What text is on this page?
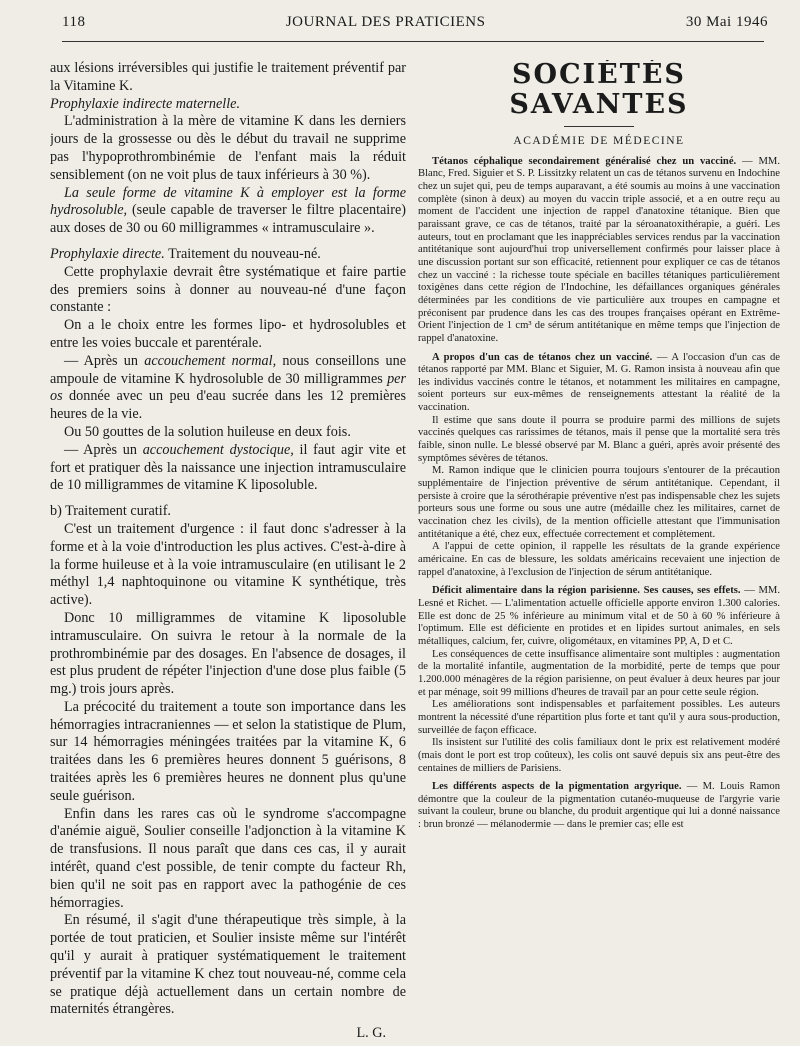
118	JOURNAL DES PRATICIENS	30 Mai 1946

aux lésions irréversibles qui justifie le traitement préventif par la Vitamine K.

Prophylaxie indirecte maternelle.

L'administration à la mère de vitamine K dans les derniers jours de la grossesse ou dès le début du travail ne supprime pas l'hypoprothrombinémie de l'enfant mais la réduit sensiblement (on ne voit plus de taux inférieurs à 30 %).

La seule forme de vitamine K à employer est la forme hydrosoluble, (seule capable de traverser le filtre placentaire) aux doses de 30 ou 60 milligrammes « intramusculaire ».

Prophylaxie directe. Traitement du nouveau-né.

Cette prophylaxie devrait être systématique et faire partie des premiers soins à donner au nouveau-né d'une façon constante :

On a le choix entre les formes lipo- et hydrosolubles et entre les voies buccale et parentérale.

— Après un accouchement normal, nous conseillons une ampoule de vitamine K hydrosoluble de 30 milligrammes per os donnée avec un peu d'eau sucrée dans les 12 premières heures de la vie.

Ou 50 gouttes de la solution huileuse en deux fois.

— Après un accouchement dystocique, il faut agir vite et fort et pratiquer dès la naissance une injection intramusculaire de 10 milligrammes de vitamine K liposoluble.

b) Traitement curatif.

C'est un traitement d'urgence : il faut donc s'adresser à la forme et à la voie d'introduction les plus actives. C'est-à-dire à la forme huileuse et à la voie intramusculaire (en utilisant le 2 méthyl 1,4 naphtoquinone ou vitamine K synthétique, très active).

Donc 10 milligrammes de vitamine K liposoluble intramusculaire. On suivra le retour à la normale de la prothrombinémie par des dosages. En l'absence de dosages, il est plus prudent de répéter l'injection d'une dose plus faible (5 mg.) trois jours après.

La précocité du traitement a toute son importance dans les hémorragies intracraniennes — et selon la statistique de Plum, sur 14 hémorragies méningées traitées par la vitamine K, 6 traitées dans les 6 premières heures donnent 5 guérisons, 8 traitées après les 6 premières heures ne donnent plus qu'une seule guérison.

Enfin dans les rares cas où le syndrome s'accompagne d'anémie aiguë, Soulier conseille l'adjonction à la vitamine K de transfusions. Il nous paraît que dans ces cas, il y aurait intérêt, quand c'est possible, de tenir compte du facteur Rh, bien qu'il ne soit pas en rapport avec la pathogénie de ces hémorragies.

En résumé, il s'agit d'une thérapeutique très simple, à la portée de tout praticien, et Soulier insiste même sur l'intérêt qu'il y aurait à pratiquer systématiquement le traitement préventif par la vitamine K chez tout nouveau-né, comme cela se pratique déjà actuellement dans un certain nombre de maternités étrangères.

L. G.

SOCIÉTÉS SAVANTES
ACADÉMIE DE MÉDECINE

Tétanos céphalique secondairement généralisé chez un vacciné. — MM. Blanc, Fred. Siguier et S. P. Lissitzky relatent un cas de tétanos survenu en Indochine chez un sujet qui, peu de temps auparavant, a été soumis au moins à une vaccination complète (sinon à deux) au moyen du vaccin triple associé, et a en outre reçu au moment de l'accident une injection de rappel d'anatoxine tétanique. Bien que paraissant grave, ce cas de tétanos, traité par la séroanatoxithérapie, a guéri. Les auteurs, tout en proclamant que les inappréciables services rendus par la vaccination antitétanique sont aujourd'hui trop universellement confirmés pour laisser place à une discussion portant sur son efficacité, retiennent pour expliquer ce cas de tétanos chez un vacciné : la richesse toute spéciale en bacilles tétaniques particulièrement toxigènes dans cette région de l'Indochine, les défaillances organiques générales déterminées par les conditions de vie particulière aux troupes en campagne et préconisent par prudence dans les cas des troupes françaises opérant en Extrême-Orient l'injection de 1 cm³ de sérum antitétanique en même temps que l'injection de rappel d'anatoxine.

A propos d'un cas de tétanos chez un vacciné. — A l'occasion d'un cas de tétanos rapporté par MM. Blanc et Siguier, M. G. Ramon insista à nouveau afin que les individus vaccinés contre le tétanos, et notamment les militaires en campagne, soient porteurs sur eux-mêmes de renseignements attestant la réalité de la vaccination.

Il estime que sans doute il pourra se produire parmi des millions de sujets vaccinés quelques cas rarissimes de tétanos, mais il pense que la mortalité sera très faible, sinon nulle. Le blessé observé par M. Blanc a guéri, après avoir présenté des symptômes sévères de tétanos.

M. Ramon indique que le clinicien pourra toujours s'entourer de la précaution supplémentaire de l'injection préventive de sérum antitétanique. Cependant, il persiste à croire que la sérothérapie préventive n'est pas indispensable chez les sujets porteurs sous une forme ou sous une autre (médaille chez les militaires, carnet de vaccination chez les civils), de la mention officielle attestant que l'immunisation antitétanique a été, chez eux, effectuée correctement et complètement.

A l'appui de cette opinion, il rappelle les résultats de la grande expérience américaine. En cas de blessure, les soldats américains recevaient une injection de rappel d'anatoxine, à l'exclusion de l'injection de sérum antitétanique.

Déficit alimentaire dans la région parisienne. Ses causes, ses effets. — MM. Lesné et Richet. — L'alimentation actuelle officielle apporte environ 1.300 calories. Elle est donc de 25 % inférieure au minimum vital et de 50 à 60 % inférieure à l'optimum. Elle est déficiente en protides et en lipides surtout animales, en sels métalliques, calcium, fer, cuivre, oligométaux, en vitamines PP, A, D et C.

Les conséquences de cette insuffisance alimentaire sont multiples : augmentation de la mortalité infantile, augmentation de la morbidité, perte de temps que pour 1.200.000 ménagères de la région parisienne, on peut évaluer à deux heures par jour et par ménage, soit 99 millions d'heures de travail par an pour cette seule région.

Les améliorations sont indispensables et parfaitement possibles. Les auteurs montrent la nécessité d'une répartition plus forte et tant qu'il y aura sous-production, surveillée de façon efficace.

Ils insistent sur l'utilité des colis familiaux dont le prix est relativement modéré (mais dont le port est trop coûteux), les colis ont sauvé depuis six ans peut-être des centaines de milliers de Parisiens.

Les différents aspects de la pigmentation argyrique. — M. Louis Ramon démontre que la couleur de la pigmentation cutanéo-muqueuse de l'argyrie varie suivant la couleur, brune ou blanche, du produit argentique qui lui a donné naissance : brun bronzé — mélanodermie — dans le premier cas; elle est
